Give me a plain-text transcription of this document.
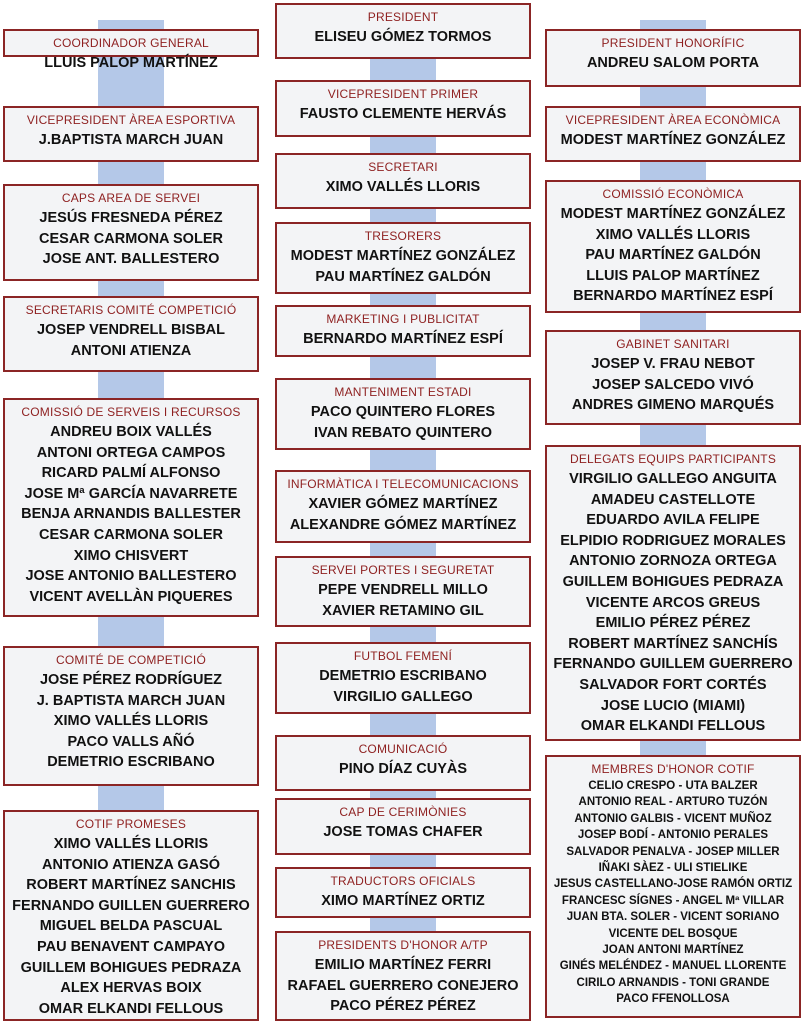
COORDINADOR GENERAL
LLUIS PALOP MARTÍNEZ
VICEPRESIDENT ÀREA ESPORTIVA
J.BAPTISTA MARCH JUAN
CAPS AREA DE SERVEI
JESÚS FRESNEDA PÉREZ
CESAR CARMONA SOLER
JOSE ANT. BALLESTERO
SECRETARIS COMITÉ COMPETICIÓ
JOSEP VENDRELL BISBAL
ANTONI ATIENZA
COMISSIÓ DE SERVEIS I RECURSOS
ANDREU BOIX VALLÉS
ANTONI ORTEGA CAMPOS
RICARD PALMÍ ALFONSO
JOSE Mª GARCÍA NAVARRETE
BENJA ARNANDIS BALLESTER
CESAR CARMONA SOLER
XIMO CHISVERT
JOSE ANTONIO BALLESTERO
VICENT AVELLÀN PIQUERES
COMITÉ DE COMPETICIÓ
JOSE PÉREZ RODRÍGUEZ
J. BAPTISTA MARCH JUAN
XIMO VALLÉS LLORIS
PACO VALLS AÑÓ
DEMETRIO ESCRIBANO
COTIF PROMESES
XIMO VALLÉS LLORIS
ANTONIO ATIENZA GASÓ
ROBERT MARTÍNEZ SANCHIS
FERNANDO GUILLEN GUERRERO
MIGUEL BELDA PASCUAL
PAU BENAVENT CAMPAYO
GUILLEM BOHIGUES PEDRAZA
ALEX HERVAS BOIX
OMAR ELKANDI FELLOUS
PRESIDENT
ELISEU GÓMEZ TORMOS
VICEPRESIDENT PRIMER
FAUSTO CLEMENTE HERVÁS
SECRETARI
XIMO VALLÉS LLORIS
TRESORERS
MODEST MARTÍNEZ GONZÁLEZ
PAU MARTÍNEZ GALDÓN
MARKETING I PUBLICITAT
BERNARDO MARTÍNEZ ESPÍ
MANTENIMENT ESTADI
PACO QUINTERO FLORES
IVAN REBATO QUINTERO
INFORMÀTICA I TELECOMUNICACIONS
XAVIER GÓMEZ MARTÍNEZ
ALEXANDRE GÓMEZ MARTÍNEZ
SERVEI PORTES I SEGURETAT
PEPE VENDRELL MILLO
XAVIER RETAMINO GIL
FUTBOL FEMENÍ
DEMETRIO ESCRIBANO
VIRGILIO GALLEGO
COMUNICACIÓ
PINO DÍAZ CUYÀS
CAP DE CERIMÒNIES
JOSE TOMAS CHAFER
TRADUCTORS OFICIALS
XIMO MARTÍNEZ ORTIZ
PRESIDENTS D'HONOR A/TP
EMILIO MARTÍNEZ FERRI
RAFAEL GUERRERO CONEJERO
PACO PÉREZ PÉREZ
PRESIDENT HONORÍFIC
ANDREU SALOM PORTA
VICEPRESIDENT ÀREA ECONÒMICA
MODEST MARTÍNEZ GONZÁLEZ
COMISSIÓ ECONÒMICA
MODEST MARTÍNEZ GONZÁLEZ
XIMO VALLÉS LLORIS
PAU MARTÍNEZ GALDÓN
LLUIS PALOP MARTÍNEZ
BERNARDO MARTÍNEZ ESPÍ
GABINET SANITARI
JOSEP V. FRAU NEBOT
JOSEP SALCEDO VIVÓ
ANDRES GIMENO MARQUÉS
DELEGATS EQUIPS PARTICIPANTS
VIRGILIO GALLEGO ANGUITA
AMADEU CASTELLOTE
EDUARDO AVILA FELIPE
ELPIDIO RODRIGUEZ MORALES
ANTONIO ZORNOZA ORTEGA
GUILLEM BOHIGUES PEDRAZA
VICENTE ARCOS GREUS
EMILIO PÉREZ PÉREZ
ROBERT MARTÍNEZ SANCHÍS
FERNANDO GUILLEM GUERRERO
SALVADOR FORT CORTÉS
JOSE LUCIO (MIAMI)
OMAR ELKANDI FELLOUS
MEMBRES D'HONOR COTIF
CELIO CRESPO - UTA BALZER
ANTONIO REAL - ARTURO TUZÓN
ANTONIO GALBIS - VICENT MUÑOZ
JOSEP BODÍ - ANTONIO PERALES
SALVADOR PENALVA - JOSEP MILLER
IÑAKI SÀEZ - ULI STIELIKE
JESUS CASTELLANO-JOSE RAMÓN ORTIZ
FRANCESC SÍGNES - ANGEL Mª VILLAR
JUAN BTA. SOLER - VICENT SORIANO
VICENTE DEL BOSQUE
JOAN ANTONI MARTÍNEZ
GINÉS MELÉNDEZ - MANUEL LLORENTE
CIRILO ARNANDIS - TONI GRANDE
PACO FFENOLLOSA
